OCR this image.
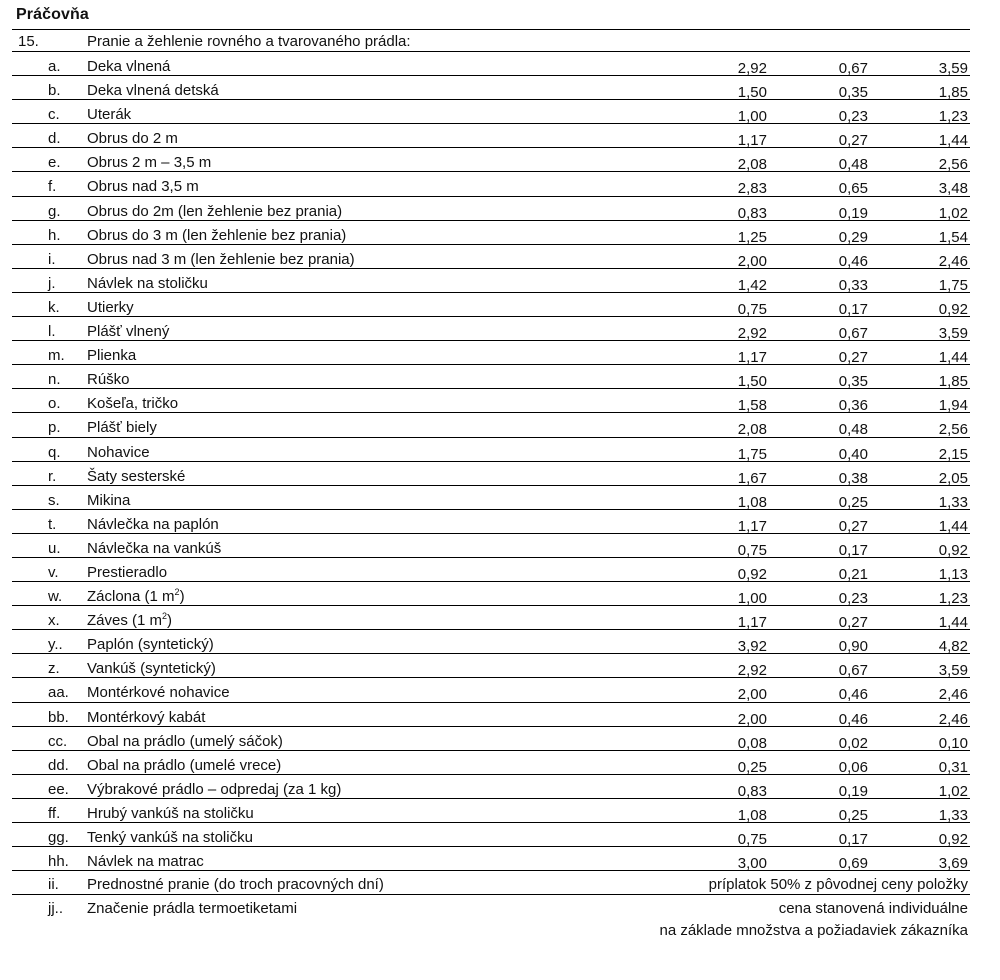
Práčovňa
15.	Pranie a žehlenie rovného a tvarovaného prádla:
a. Deka vlnená	2,92	0,67	3,59
b. Deka vlnená detská	1,50	0,35	1,85
c. Uterák	1,00	0,23	1,23
d. Obrus do 2 m	1,17	0,27	1,44
e. Obrus 2 m – 3,5 m	2,08	0,48	2,56
f. Obrus nad 3,5 m	2,83	0,65	3,48
g. Obrus do 2m (len žehlenie bez prania)	0,83	0,19	1,02
h. Obrus do 3 m (len žehlenie bez prania)	1,25	0,29	1,54
i. Obrus nad 3 m (len žehlenie bez prania)	2,00	0,46	2,46
j. Návlek na stoličku	1,42	0,33	1,75
k. Utierky	0,75	0,17	0,92
l. Plášť vlnený	2,92	0,67	3,59
m. Plienka	1,17	0,27	1,44
n. Rúško	1,50	0,35	1,85
o. Košeľa, tričko	1,58	0,36	1,94
p. Plášť biely	2,08	0,48	2,56
q. Nohavice	1,75	0,40	2,15
r. Šaty sesterské	1,67	0,38	2,05
s. Mikina	1,08	0,25	1,33
t. Návlečka na paplón	1,17	0,27	1,44
u. Návlečka na vankúš	0,75	0,17	0,92
v. Prestieradlo	0,92	0,21	1,13
w. Záclona (1 $m^2$)	1,00	0,23	1,23
x. Záves (1 $m^2$)	1,17	0,27	1,44
y.. Paplón (syntetický)	3,92	0,90	4,82
z. Vankúš (syntetický)	2,92	0,67	3,59
aa. Montérkové nohavice	2,00	0,46	2,46
bb. Montérkový kabát	2,00	0,46	2,46
cc. Obal na prádlo (umelý sáčok)	0,08	0,02	0,10
dd. Obal na prádlo (umelé vrece)	0,25	0,06	0,31
ee. Výbrakové prádlo – odpredaj (za 1 kg)	0,83	0,19	1,02
ff. Hrubý vankúš na stoličku	1,08	0,25	1,33
gg. Tenký vankúš na stoličku	0,75	0,17	0,92
hh. Návlek na matrac	3,00	0,69	3,69
ii. Prednostné pranie (do troch pracovných dní)	príplatok 50% z pôvodnej ceny položky
jj.. Značenie prádla termoetiketami	cena stanovená individuálne
na základe množstva a požiadaviek zákazníka
